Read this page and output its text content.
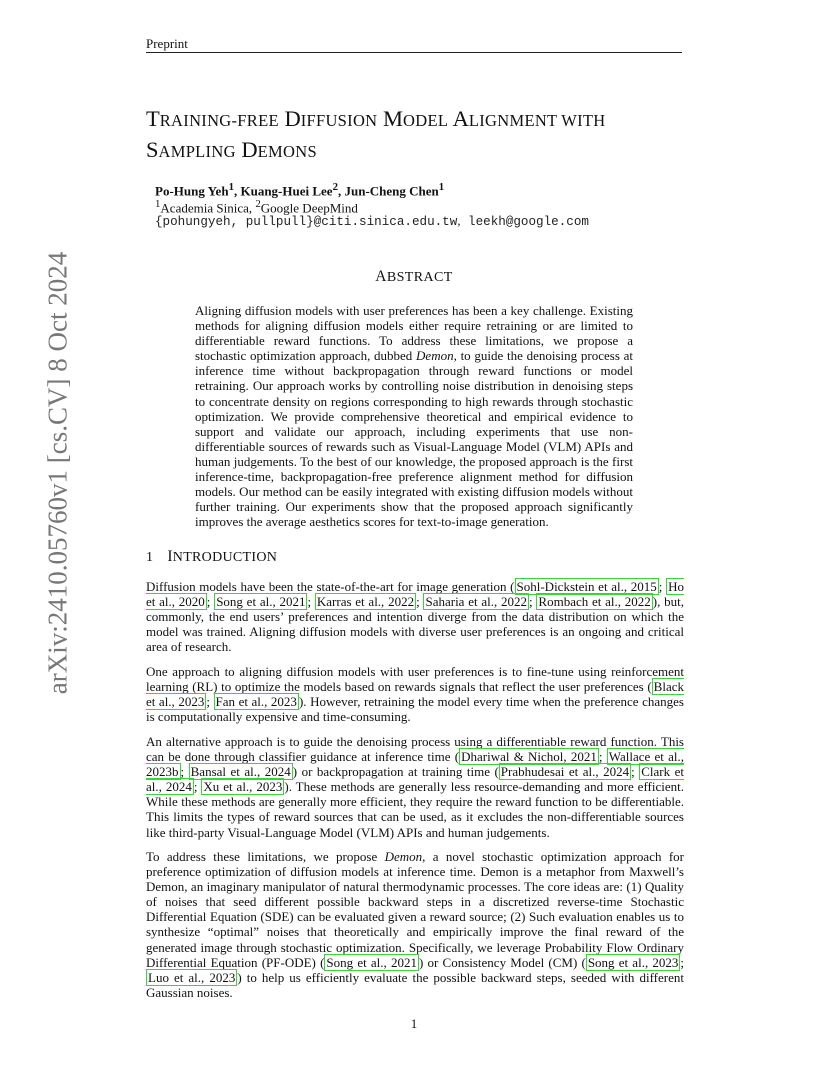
Preprint
arXiv:2410.05760v1 [cs.CV] 8 Oct 2024
TRAINING-FREE DIFFUSION MODEL ALIGNMENT WITH
SAMPLING DEMONS
Po-Hung Yeh$^1$, Kuang-Huei Lee$^2$, Jun-Cheng Chen$^1$
$^1$Academia Sinica, $^2$Google DeepMind
{pohungyeh, pullpull}@citi.sinica.edu.tw, leekh@google.com
ABSTRACT
Aligning diffusion models with user preferences has been a key challenge. Existing methods for aligning diffusion models either require retraining or are limited to differentiable reward functions. To address these limitations, we propose a stochastic optimization approach, dubbed Demon, to guide the denoising process at inference time without backpropagation through reward functions or model retraining. Our approach works by controlling noise distribution in denoising steps to concentrate density on regions corresponding to high rewards through stochastic optimization. We provide comprehensive theoretical and empirical evidence to support and validate our approach, including experiments that use non-differentiable sources of rewards such as Visual-Language Model (VLM) APIs and human judgements. To the best of our knowledge, the proposed approach is the first inference-time, backpropagation-free preference alignment method for diffusion models. Our method can be easily integrated with existing diffusion models without further training. Our experiments show that the proposed approach significantly improves the average aesthetics scores for text-to-image generation.
1 INTRODUCTION
Diffusion models have been the state-of-the-art for image generation ( Sohl-Dickstein et al., 2015 ; Ho et al., 2020 ; Song et al., 2021 ; Karras et al., 2022 ; Saharia et al., 2022 ; Rombach et al., 2022 ), but, commonly, the end users’ preferences and intention diverge from the data distribution on which the model was trained. Aligning diffusion models with diverse user preferences is an ongoing and critical area of research.
One approach to aligning diffusion models with user preferences is to fine-tune using reinforcement learning (RL) to optimize the models based on rewards signals that reflect the user preferences ( Black et al., 2023 ; Fan et al., 2023 ). However, retraining the model every time when the preference changes is computationally expensive and time-consuming.
An alternative approach is to guide the denoising process using a differentiable reward function. This can be done through classifier guidance at inference time ( Dhariwal & Nichol, 2021 ; Wallace et al., 2023b ; Bansal et al., 2024 ) or backpropagation at training time ( Prabhudesai et al., 2024 ; Clark et al., 2024 ; Xu et al., 2023 ). These methods are generally less resource-demanding and more efficient. While these methods are generally more efficient, they require the reward function to be differentiable. This limits the types of reward sources that can be used, as it excludes the non-differentiable sources like third-party Visual-Language Model (VLM) APIs and human judgements.
To address these limitations, we propose Demon, a novel stochastic optimization approach for preference optimization of diffusion models at inference time. Demon is a metaphor from Maxwell’s Demon, an imaginary manipulator of natural thermodynamic processes. The core ideas are: (1) Quality of noises that seed different possible backward steps in a discretized reverse-time Stochastic Differential Equation (SDE) can be evaluated given a reward source; (2) Such evaluation enables us to synthesize “optimal” noises that theoretically and empirically improve the final reward of the generated image through stochastic optimization. Specifically, we leverage Probability Flow Ordinary Differential Equation (PF-ODE) ( Song et al., 2021 ) or Consistency Model (CM) ( Song et al., 2023 ; Luo et al., 2023 ) to help us efficiently evaluate the possible backward steps, seeded with different Gaussian noises.
1
